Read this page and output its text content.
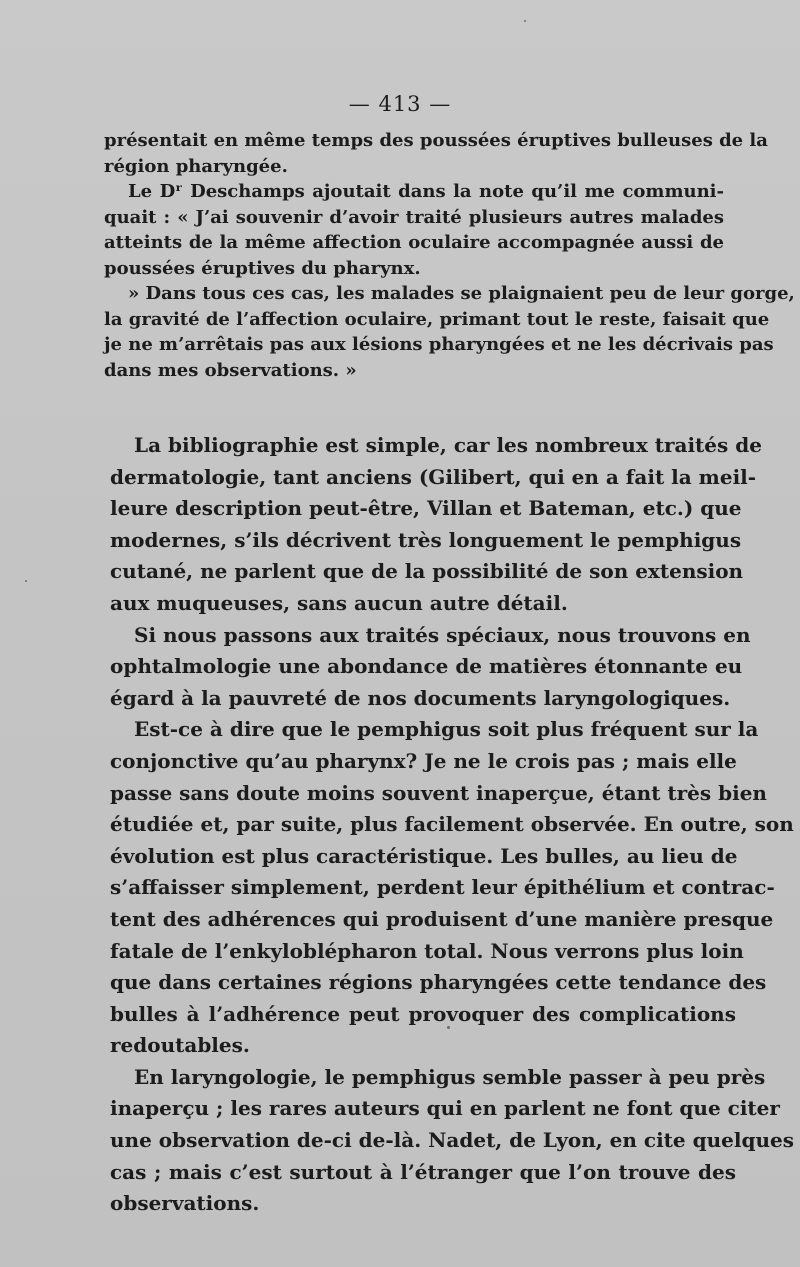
— 413 —
présentait en même temps des poussées éruptives bulleuses de la
région pharyngée.
Le Dʳ Deschamps ajoutait dans la note qu’il me communi-
quait : « J’ai souvenir d’avoir traité plusieurs autres malades
atteints de la même affection oculaire accompagnée aussi de
poussées éruptives du pharynx.
» Dans tous ces cas, les malades se plaignaient peu de leur gorge,
la gravité de l’affection oculaire, primant tout le reste, faisait que
je ne m’arrêtais pas aux lésions pharyngées et ne les décrivais pas
dans mes observations. »
La bibliographie est simple, car les nombreux traités de
dermatologie, tant anciens (Gilibert, qui en a fait la meil-
leure description peut-être, Villan et Bateman, etc.) que
modernes, s’ils décrivent très longuement le pemphigus
cutané, ne parlent que de la possibilité de son extension
aux muqueuses, sans aucun autre détail.
Si nous passons aux traités spéciaux, nous trouvons en
ophtalmologie une abondance de matières étonnante eu
égard à la pauvreté de nos documents laryngologiques.
Est-ce à dire que le pemphigus soit plus fréquent sur la
conjonctive qu’au pharynx? Je ne le crois pas ; mais elle
passe sans doute moins souvent inaperçue, étant très bien
étudiée et, par suite, plus facilement observée. En outre, son
évolution est plus caractéristique. Les bulles, au lieu de
s’affaisser simplement, perdent leur épithélium et contrac-
tent des adhérences qui produisent d’une manière presque
fatale de l’enkyloblépharon total. Nous verrons plus loin
que dans certaines régions pharyngées cette tendance des
bulles à l’adhérence peut provoquer des complications
redoutables.
En laryngologie, le pemphigus semble passer à peu près
inaperçu ; les rares auteurs qui en parlent ne font que citer
une observation de-ci de-là. Nadet, de Lyon, en cite quelques
cas ; mais c’est surtout à l’étranger que l’on trouve des
observations.
